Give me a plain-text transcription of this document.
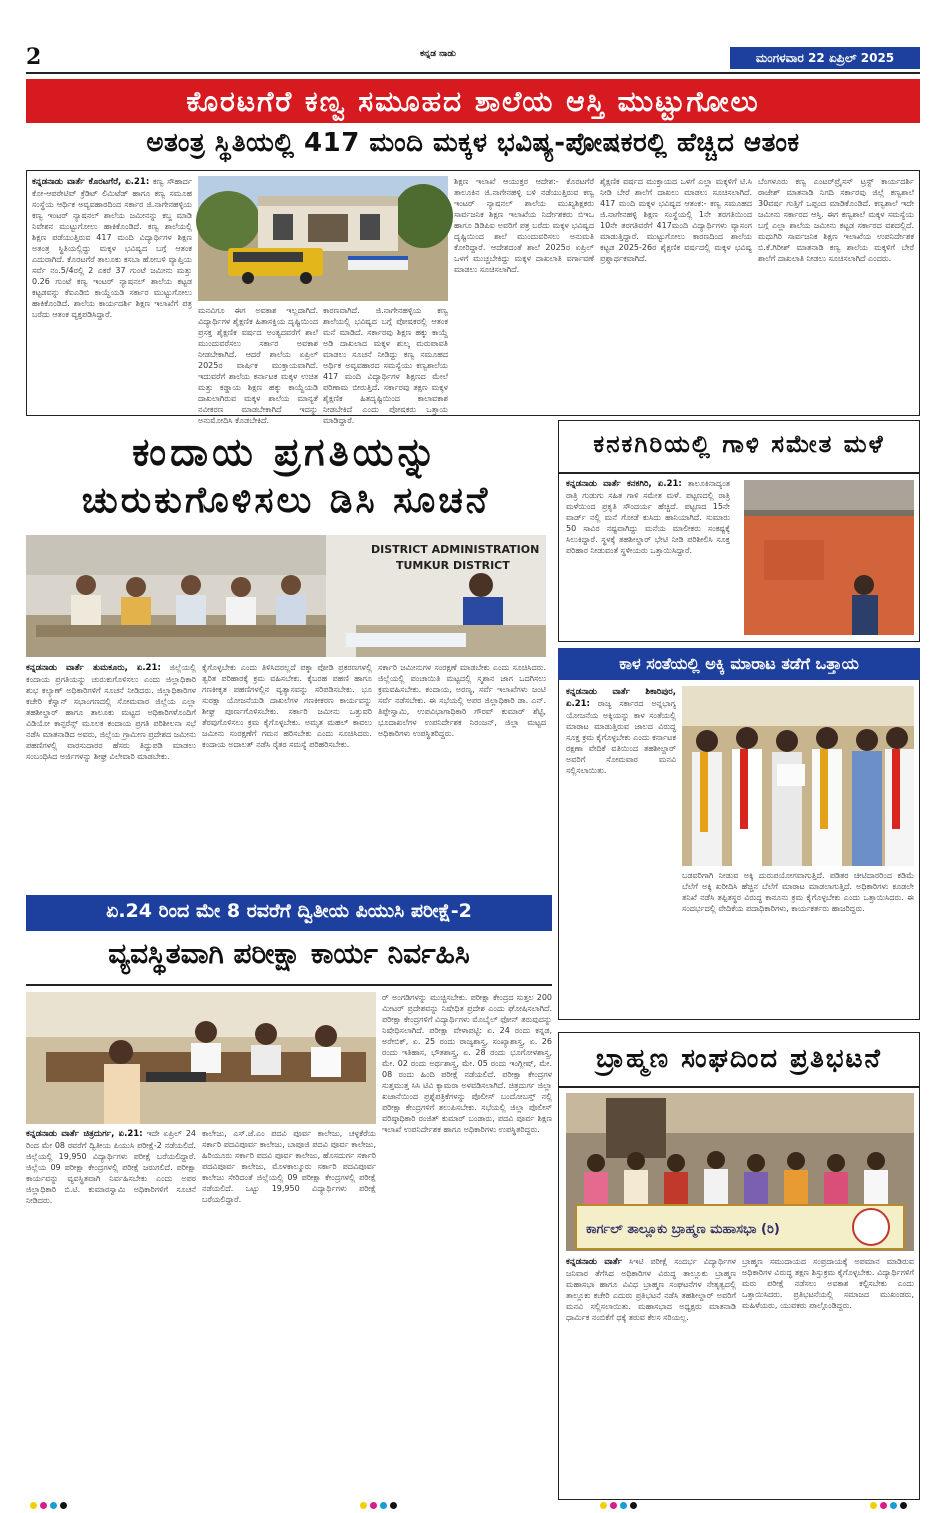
2	ಕನ್ನಡ ನಾಡು	ಮಂಗಳವಾರ 22 ಏಪ್ರಿಲ್ 2025
ಕೊರಟಗೆರೆ ಕಣ್ವ ಸಮೂಹದ ಶಾಲೆಯ ಆಸ್ತಿ ಮುಟ್ಟುಗೋಲು
ಅತಂತ್ರ ಸ್ಥಿತಿಯಲ್ಲಿ 417 ಮಂದಿ ಮಕ್ಕಳ ಭವಿಷ್ಯ-ಪೋಷಕರಲ್ಲಿ ಹೆಚ್ಚಿದ ಆತಂಕ
ಕನ್ನಡನಾಡು ವಾರ್ತೆ ಕೊರಟಗೆರೆ, ಏ.21: ಕಣ್ವ ಸೌಹಾರ್ದ ಕೋ-ಆಪರೇಟಿವ್ ಕ್ರೆಡಿಟ್ ಲಿಮಿಟೆಡ್ ಹಾಗೂ ಕಣ್ವ ಸಮೂಹ ಸಂಸ್ಥೆಯ ಆರ್ಥಿಕ ಅವ್ಯವಹಾರದಿಂದ ಸರ್ಕಾರ ಜಿ.ನಾಗೇನಹಳ್ಳಿಯ ಕಣ್ವ ಇಂಟರ್ ನ್ಯಾಷನಲ್ ಶಾಲೆಯ ಜಮೀನನ್ನು ಕಬ್ಜ ಮಾಡಿ ನಿವೇಶನ ಮುಟ್ಟುಗೋಲು ಹಾಕಿಕೊಂಡಿದೆ. ಕಣ್ವ ಶಾಲೆಯಲ್ಲಿ ಶಿಕ್ಷಣ ಪಡೆಯುತ್ತಿರುವ 417 ಮಂದಿ ವಿದ್ಯಾರ್ಥಿಗಳ ಶಿಕ್ಷಣ ಅತಂತ್ರ ಸ್ಥಿತಿಯಲ್ಲಿದ್ದು ಮಕ್ಕಳ ಭವಿಷ್ಯದ ಬಗ್ಗೆ ಆತಂಕ ಎದುರಾಗಿದೆ. ಕೊರಟಗೆರೆ ತಾಲೂಕು ಕಸಬಾ ಹೋಬಳಿ ವ್ಯಾಪ್ತಿಯ ಸರ್ವೆ ನಂ.5/4ರಲ್ಲಿ 2 ಎಕರೆ 37 ಗುಂಟೆ ಜಮೀನು ಮತ್ತು 0.26 ಗುಂಟೆ ಕಣ್ವ ಇಂಟರ್ ನ್ಯಾಷನಲ್ ಶಾಲೆಯ ಕಟ್ಟಡ ಕಟ್ಟಡವನ್ನು ಕೆಐಎಡಿಬಿ ಕಾಯ್ದೆಯಡಿ ಸರ್ಕಾರ ಮುಟ್ಟುಗೋಲು ಹಾಕಿಕೊಂಡಿದೆ. ಶಾಲೆಯ ಕಾರ್ಯದರ್ಶಿ ಶಿಕ್ಷಣ ಇಲಾಖೆಗೆ ಪತ್ರ ಬರೆದು ಆತಂಕ ವ್ಯಕ್ತಪಡಿಸಿದ್ದಾರೆ.	ಮನವಿಗೂ ಈಗ ಅವಕಾಶ ಇಲ್ಲದಾಗಿದೆ. ವಿದ್ಯಾರ್ಥಿಗಳ ಶೈಕ್ಷಣಿಕ ಹಿತಾಸಕ್ತಿಯ ದೃಷ್ಟಿಯಿಂದ ಪ್ರಸಕ್ತ ಶೈಕ್ಷಣಿಕ ವರ್ಷದ ಅಂತ್ಯದವರೆಗೆ ಶಾಲೆ ಮುಂದುವರೆಸಲು ಸರ್ಕಾರ ಅವಕಾಶ ನೀಡಬೇಕಾಗಿದೆ. ಆದರೆ ಶಾಲೆಯ ಏಪ್ರಿಲ್ 2025ರ ವಾರ್ಷಿಕ ಮುಕ್ತಾಯವಾಗಿದೆ. ಇದುವರೆಗೆ ಶಾಲೆಯ ಕರ್ನಾಟಕ ಮಕ್ಕಳ ಉಚಿತ ಮತ್ತು ಕಡ್ಡಾಯ ಶಿಕ್ಷಣ ಹಕ್ಕು ಕಾಯ್ದೆಯಡಿ ದಾಖಲಾಗಿರುವ ಮಕ್ಕಳ ಶಾಲೆಯ ಮಾನ್ಯತೆ ನವೀಕರಣ ಮಾಡಬೇಕಾಗಿದೆ ಇದನ್ನು ಅನುಮೋದಿಸಿ ಕೊಡಬೇಕಿದೆ.
ಕಾರಣವಾಗಿದೆ. ಜಿ.ನಾಗೇನಹಳ್ಳಿಯ ಕಣ್ವ ಶಾಲೆಯಲ್ಲಿ ಭವಿಷ್ಯದ ಬಗ್ಗೆ ಪೋಷಕರಲ್ಲಿ ಆತಂಕ ಮನೆ ಮಾಡಿದೆ. ಸರ್ಕಾರವು ಶಿಕ್ಷಣ ಹಕ್ಕು ಕಾಯ್ದೆ ಅಡಿ ದಾಖಲಾದ ಮಕ್ಕಳ ಶುಲ್ಕ ಮರುಪಾವತಿ ಮಾಡಲು ಸೂಚನೆ ನೀಡಿದ್ದು ಕಣ್ವ ಸಮೂಹದ ಅರ್ಥಿಕ ಅವ್ಯವಹಾರದ ಸಮಸ್ಯೆಯು ಕಣ್ವಶಾಲೆಯ 417 ಮಂದಿ ವಿದ್ಯಾರ್ಥಿಗಳ ಶಿಕ್ಷಣದ ಮೇಲೆ ಪರಿಣಾಮ ಬೀರುತ್ತಿದೆ. ಸರ್ಕಾರವು ತಕ್ಷಣ ಮಕ್ಕಳ ಶೈಕ್ಷಣಿಕ ಹಿತದೃಷ್ಟಿಯಿಂದ ಕಾಲಾವಕಾಶ ನೀಡಬೇಕಿದೆ ಎಂದು ಪೋಷಕರು ಒತ್ತಾಯ ಮಾಡಿದ್ದಾರೆ.
ಶಿಕ್ಷಣ ಇಲಾಖೆ ಆಯುಕ್ತರ ಆದೇಶ:- ಕೊರಟಗೆರೆ ತಾಲೂಕಿನ ಜಿ.ನಾಗೇನಹಳ್ಳಿ ಬಳಿ ನಡೆಯುತ್ತಿರುವ ಕಣ್ವ ಇಂಟರ್ ನ್ಯಾಷನಲ್ ಶಾಲೆಯ ಮುಖ್ಯಶಿಕ್ಷಕರು ಸಾರ್ವಜನಿಕ ಶಿಕ್ಷಣ ಇಲಾಖೆಯ ನಿರ್ದೇಶಕರು ಬಿಇಒ ಹಾಗೂ ಡಿಡಿಪಿಐ ಅವರಿಗೆ ಪತ್ರ ಬರೆದು ಮಕ್ಕಳ ಭವಿಷ್ಯದ ದೃಷ್ಟಿಯಿಂದ ಶಾಲೆ ಮುಂದುವರಿಸಲು ಅನುಮತಿ ಕೋರಿದ್ದಾರೆ. ಆದೇಶದಂತೆ ಶಾಲೆ 2025ರ ಏಪ್ರಿಲ್ ಒಳಗೆ ಮುಚ್ಚಬೇಕಿದ್ದು ಮಕ್ಕಳ ದಾಖಲಾತಿ ವರ್ಗಾವಣೆ ಮಾಡಲು ಸೂಚಿಸಲಾಗಿದೆ.
ಶೈಕ್ಷಣಿಕ ವರ್ಷದ ಮುಕ್ತಾಯದ ಒಳಗೆ ಎಲ್ಲಾ ಮಕ್ಕಳಿಗೆ ಟಿ.ಸಿ ನೀಡಿ ಬೇರೆ ಶಾಲೆಗೆ ದಾಖಲು ಮಾಡಲು ಸೂಚಿಸಲಾಗಿದೆ. 417 ಮಂದಿ ಮಕ್ಕಳ ಭವಿಷ್ಯದ ಆತಂಕ:- ಕಣ್ವ ಸಮೂಹದ ಜಿ.ನಾಗೇನಹಳ್ಳಿ ಶಿಕ್ಷಣ ಸಂಸ್ಥೆಯಲ್ಲಿ 1ನೇ ತರಗತಿಯಿಂದ 10ನೇ ತರಗತಿವರೆಗೆ 417ಮಂದಿ ವಿದ್ಯಾರ್ಥಿಗಳು ವ್ಯಾಸಂಗ ಮಾಡುತ್ತಿದ್ದಾರೆ. ಮುಟ್ಟುಗೋಲು ಕಾರಣದಿಂದ ಶಾಲೆಯ ಕಟ್ಟಡ 2025-26ರ ಶೈಕ್ಷಣಿಕ ವರ್ಷದಲ್ಲಿ ಮಕ್ಕಳ ಭವಿಷ್ಯ ಪ್ರಶ್ನಾರ್ಥಕವಾಗಿದೆ.
ಬೆಂಗಳೂರು ಕಣ್ವ ಎಂಟರ್‌ಪ್ರೈಸಸ್ ಟ್ರಸ್ಟ್ ಕಾರ್ಯದರ್ಶಿ ರಾಜೇಶ್ ಮಾತನಾಡಿ ನಿಗದಿ ಸರ್ಕಾರವು ಜಿಲ್ಲೆ ಕಣ್ವಶಾಲೆ 30ವರ್ಷ ಗುತ್ತಿಗೆ ಒಪ್ಪಂದ ಮಾಡಿಕೊಂಡಿದೆ. ಕಣ್ವಶಾಲೆ ಇದೇ ಜಮೀನು ಸರ್ಕಾರದ ಆಸ್ತಿ. ಈಗ ಕಣ್ವಶಾಲೆ ಮಕ್ಕಳ ಸಮಸ್ಯೆಯ ಬಗ್ಗೆ ಎಲ್ಲಾ ಶಾಲೆಯ ಜಮೀನು ಕಟ್ಟಡ ಸರ್ಕಾರದ ವಶದಲ್ಲಿದೆ. ಮಧುಗಿರಿ ಸಾರ್ವಜನಿಕ ಶಿಕ್ಷಣ ಇಲಾಖೆಯ ಉಪನಿರ್ದೇಶಕ ಬಿ.ಕೆ.ಗಿರೀಶ್ ಮಾತನಾಡಿ ಕಣ್ವ ಶಾಲೆಯ ಮಕ್ಕಳಿಗೆ ಬೇರೆ ಶಾಲೆಗೆ ದಾಖಲಾತಿ ನೀಡಲು ಸೂಚಿಸಲಾಗಿದೆ ಎಂದರು.
ಕಂದಾಯ ಪ್ರಗತಿಯನ್ನು
ಚುರುಕುಗೊಳಿಸಲು ಡಿಸಿ ಸೂಚನೆ
DISTRICT ADMINISTRATION
TUMKUR DISTRICT
ಕನ್ನಡನಾಡು ವಾರ್ತೆ ತುಮಕೂರು, ಏ.21: ಜಿಲ್ಲೆಯಲ್ಲಿ ಕಂದಾಯ ಪ್ರಗತಿಯನ್ನು ಚುರುಕುಗೊಳಿಸಲು ಎಂದು ಜಿಲ್ಲಾಧಿಕಾರಿ ಶುಭ ಕಲ್ಯಾಣ್ ಅಧಿಕಾರಿಗಳಿಗೆ ಸೂಚನೆ ನೀಡಿದರು. ಜಿಲ್ಲಾಧಿಕಾರಿಗಳ ಕಚೇರಿ ಕೆಸ್ವಾನ್ ಸಭಾಂಗಣದಲ್ಲಿ ಸೋಮವಾರ ಜಿಲ್ಲೆಯ ಎಲ್ಲಾ ತಹಶೀಲ್ದಾರ್ ಹಾಗೂ ತಾಲೂಕು ಮಟ್ಟದ ಅಧಿಕಾರಿಗಳೊಂದಿಗೆ ವಿಡಿಯೋ ಕಾನ್ಫರೆನ್ಸ್ ಮೂಲಕ ಕಂದಾಯ ಪ್ರಗತಿ ಪರಿಶೀಲನಾ ಸಭೆ ನಡೆಸಿ ಮಾತನಾಡಿದ ಅವರು, ಜಿಲ್ಲೆಯ ಗ್ರಾಮೀಣ ಪ್ರದೇಶದ ಜಮೀನು ಪಹಣಿಗಳಲ್ಲಿ ವಾರಸುದಾರರ ಹೆಸರು ತಿದ್ದುಪಡಿ ಮಾಡಲು ಸಂಬಂಧಿಸಿದ ಅರ್ಜಿಗಳನ್ನು ಶೀಘ್ರ ವಿಲೇವಾರಿ ಮಾಡಬೇಕು.
ಕೈಗೊಳ್ಳಬೇಕು ಎಂದು ತಿಳಿಸಿದರಲ್ಲದೆ ಪಕ್ಕಾ ಪೋಡಿ ಪ್ರಕರಣಗಳಲ್ಲಿ ತ್ವರಿತ ಪರಿಹಾರಕ್ಕೆ ಕ್ರಮ ವಹಿಸಬೇಕು. ಕೈಬರಹ ಪಹಣಿ ಹಾಗೂ ಗಣಕೀಕೃತ ಪಹಣಿಗಳಲ್ಲಿನ ವ್ಯತ್ಯಾಸವನ್ನು ಸರಿಪಡಿಸಬೇಕು. ಭೂ ಸುರಕ್ಷಾ ಯೋಜನೆಯಡಿ ದಾಖಲೆಗಳ ಗಣಕೀಕರಣ ಕಾರ್ಯವನ್ನು ಶೀಘ್ರ ಪೂರ್ಣಗೊಳಿಸಬೇಕು. ಸರ್ಕಾರಿ ಜಮೀನು ಒತ್ತುವರಿ ತೆರವುಗೊಳಿಸಲು ಕ್ರಮ ಕೈಗೊಳ್ಳಬೇಕು. ಅಮೃತ ಮಹಲ್ ಕಾವಲು ಜಮೀನು ಸಂರಕ್ಷಣೆಗೆ ಗಮನ ಹರಿಸಬೇಕು ಎಂದು ಸೂಚಿಸಿದರು. ಕಂದಾಯ ಅದಾಲತ್ ನಡೆಸಿ ರೈತರ ಸಮಸ್ಯೆ ಪರಿಹರಿಸಬೇಕು.
ಸರ್ಕಾರಿ ಜಮೀನುಗಳ ಸಂರಕ್ಷಣೆ ಮಾಡಬೇಕು ಎಂದು ಸೂಚಿಸಿದರು. ಜಿಲ್ಲೆಯಲ್ಲಿ ಪಂಚಾಯಿತಿ ಮಟ್ಟದಲ್ಲಿ ಸ್ಮಶಾನ ಜಾಗ ಒದಗಿಸಲು ಕ್ರಮವಹಿಸಬೇಕು. ಕಂದಾಯ, ಅರಣ್ಯ, ಸರ್ವೆ ಇಲಾಖೆಗಳು ಜಂಟಿ ಸರ್ವೆ ನಡೆಸಬೇಕು. ಈ ಸಭೆಯಲ್ಲಿ ಅಪರ ಜಿಲ್ಲಾಧಿಕಾರಿ ಡಾ. ಎನ್. ತಿಪ್ಪೇಸ್ವಾಮಿ, ಉಪವಿಭಾಗಾಧಿಕಾರಿ ಗೌರವ್ ಕುಮಾರ್ ಶೆಟ್ಟಿ, ಭೂದಾಖಲೆಗಳ ಉಪನಿರ್ದೇಶಕ ನಿರಂಜನ್, ಜಿಲ್ಲಾ ಮಟ್ಟದ ಅಧಿಕಾರಿಗಳು ಉಪಸ್ಥಿತರಿದ್ದರು.
ಕನಕಗಿರಿಯಲ್ಲಿ ಗಾಳಿ ಸಮೇತ ಮಳೆ
ಕನ್ನಡನಾಡು ವಾರ್ತೆ ಕನಕಗಿರಿ, ಏ.21: ತಾಲೂಕಿನಾದ್ಯಂತ ರಾತ್ರಿ ಗುಡುಗು ಸಹಿತ ಗಾಳಿ ಸಮೇತ ಮಳೆ. ಪಟ್ಟಣದಲ್ಲಿ ರಾತ್ರಿ ಮಳೆಯಿಂದ ಪ್ರಕೃತಿ ಸೌಂದರ್ಯ ಹೆಚ್ಚಿದೆ. ಪಟ್ಟಣದ 15ನೇ ವಾರ್ಡ್ ನಲ್ಲಿ ಮನೆ ಗೋಡೆ ಕುಸಿದು ಹಾನಿಯಾಗಿದೆ. ಸುಮಾರು 50 ಸಾವಿರ ನಷ್ಟವಾಗಿದ್ದು ಮನೆಯ ಮಾಲೀಕರು ಸಂಕಷ್ಟಕ್ಕೆ ಸಿಲುಕಿದ್ದಾರೆ. ಸ್ಥಳಕ್ಕೆ ತಹಶೀಲ್ದಾರ್ ಭೇಟಿ ನೀಡಿ ಪರಿಶೀಲಿಸಿ ಸೂಕ್ತ ಪರಿಹಾರ ನೀಡುವಂತೆ ಸ್ಥಳೀಯರು ಒತ್ತಾಯಿಸಿದ್ದಾರೆ.
ಕಾಳ ಸಂತೆಯಲ್ಲಿ ಅಕ್ಕಿ ಮಾರಾಟ ತಡೆಗೆ ಒತ್ತಾಯ
ಕನ್ನಡನಾಡು ವಾರ್ತೆ ಶಿಕಾರಿಪುರ, ಏ.21: ರಾಜ್ಯ ಸರ್ಕಾರದ ಅನ್ನಭಾಗ್ಯ ಯೋಜನೆಯ ಅಕ್ಕಿಯನ್ನು ಕಾಳ ಸಂತೆಯಲ್ಲಿ ಮಾರಾಟ ಮಾಡುತ್ತಿರುವ ಜಾಲದ ವಿರುದ್ಧ ಸೂಕ್ತ ಕ್ರಮ ಕೈಗೊಳ್ಳಬೇಕು ಎಂದು ಕರ್ನಾಟಕ ರಕ್ಷಣಾ ವೇದಿಕೆ ವತಿಯಿಂದ ತಹಶೀಲ್ದಾರ್ ಅವರಿಗೆ ಸೋಮವಾರ ಮನವಿ ಸಲ್ಲಿಸಲಾಯಿತು.
ಬಡವರಿಗಾಗಿ ನೀಡುವ ಅಕ್ಕಿ ದುರುಪಯೋಗವಾಗುತ್ತಿದೆ. ಪಡಿತರ ಚೀಟಿದಾರರಿಂದ ಕಡಿಮೆ ಬೆಲೆಗೆ ಅಕ್ಕಿ ಖರೀದಿಸಿ ಹೆಚ್ಚಿನ ಬೆಲೆಗೆ ಮಾರಾಟ ಮಾಡಲಾಗುತ್ತಿದೆ. ಅಧಿಕಾರಿಗಳು ಕೂಡಲೇ ತನಿಖೆ ನಡೆಸಿ ತಪ್ಪಿತಸ್ಥರ ವಿರುದ್ಧ ಕಾನೂನು ಕ್ರಮ ಕೈಗೊಳ್ಳಬೇಕು ಎಂದು ಒತ್ತಾಯಿಸಿದರು. ಈ ಸಂದರ್ಭದಲ್ಲಿ ವೇದಿಕೆಯ ಪದಾಧಿಕಾರಿಗಳು, ಕಾರ್ಯಕರ್ತರು ಹಾಜರಿದ್ದರು.
ಏ.24 ರಿಂದ ಮೇ 8 ರವರೆಗೆ ದ್ವಿತೀಯ ಪಿಯುಸಿ ಪರೀಕ್ಷೆ-2
ವ್ಯವಸ್ಥಿತವಾಗಿ ಪರೀಕ್ಷಾ ಕಾರ್ಯ ನಿರ್ವಹಿಸಿ
ರ್ ಅಂಗಡಿಗಳನ್ನು ಮುಚ್ಚಿಸಬೇಕು. ಪರೀಕ್ಷಾ ಕೇಂದ್ರದ ಸುತ್ತಲ 200 ಮೀಟರ್ ಪ್ರದೇಶವನ್ನು ನಿಷೇಧಿತ ಪ್ರದೇಶ ಎಂದು ಘೋಷಿಸಲಾಗಿದೆ. ಪರೀಕ್ಷಾ ಕೇಂದ್ರಗಳಿಗೆ ವಿದ್ಯಾರ್ಥಿಗಳು ಮೊಬೈಲ್ ಫೋನ್ ತರುವುದನ್ನು ನಿಷೇಧಿಸಲಾಗಿದೆ. ಪರೀಕ್ಷಾ ವೇಳಾಪಟ್ಟಿ: ಏ. 24 ರಂದು ಕನ್ನಡ, ಅರೇಬಿಕ್, ಏ. 25 ರಂದು ರಾಜ್ಯಶಾಸ್ತ್ರ, ಸಂಖ್ಯಾಶಾಸ್ತ್ರ, ಏ. 26 ರಂದು ಇತಿಹಾಸ, ಭೌತಶಾಸ್ತ್ರ, ಏ. 28 ರಂದು ಭೂಗೋಳಶಾಸ್ತ್ರ, ಮೇ. 02 ರಂದು ಅರ್ಥಶಾಸ್ತ್ರ, ಮೇ. 05 ರಂದು ಇಂಗ್ಲೀಷ್, ಮೇ. 08 ರಂದು ಹಿಂದಿ ಪರೀಕ್ಷೆ ನಡೆಯಲಿದೆ. ಪರೀಕ್ಷಾ ಕೇಂದ್ರಗಳ ಸುತ್ತಮುತ್ತ ಸಿಸಿ ಟಿವಿ ಕ್ಯಾಮರಾ ಅಳವಡಿಸಲಾಗಿದೆ. ಚಿತ್ರದುರ್ಗ ಜಿಲ್ಲಾ ಖಜಾನೆಯಿಂದ ಪ್ರಶ್ನೆಪತ್ರಿಕೆಗಳನ್ನು ಪೊಲೀಸ್ ಬಂದೋಬಸ್ತ್ ನಲ್ಲಿ ಪರೀಕ್ಷಾ ಕೇಂದ್ರಗಳಿಗೆ ತಲುಪಿಸಬೇಕು. ಸಭೆಯಲ್ಲಿ ಜಿಲ್ಲಾ ಪೊಲೀಸ್ ವರಿಷ್ಠಾಧಿಕಾರಿ ರಂಜಿತ್ ಕುಮಾರ್ ಬಂಡಾರು, ಪದವಿ ಪೂರ್ವ ಶಿಕ್ಷಣ ಇಲಾಖೆ ಉಪನಿರ್ದೇಶಕ ಹಾಗೂ ಅಧಿಕಾರಿಗಳು ಉಪಸ್ಥಿತರಿದ್ದರು.
ಕನ್ನಡನಾಡು ವಾರ್ತೆ ಚಿತ್ರದುರ್ಗ, ಏ.21: ಇದೇ ಏಪ್ರಿಲ್ 24 ರಿಂದ ಮೇ 08 ರವರೆಗೆ ದ್ವಿತೀಯ ಪಿಯುಸಿ ಪರೀಕ್ಷೆ-2 ನಡೆಯಲಿದೆ. ಜಿಲ್ಲೆಯಲ್ಲಿ 19,950 ವಿದ್ಯಾರ್ಥಿಗಳು ಪರೀಕ್ಷೆ ಬರೆಯಲಿದ್ದಾರೆ. ಜಿಲ್ಲೆಯ 09 ಪರೀಕ್ಷಾ ಕೇಂದ್ರಗಳಲ್ಲಿ ಪರೀಕ್ಷೆ ಜರುಗಲಿದೆ. ಪರೀಕ್ಷಾ ಕಾರ್ಯವನ್ನು ವ್ಯವಸ್ಥಿತವಾಗಿ ನಿರ್ವಹಿಸಬೇಕು ಎಂದು ಅಪರ ಜಿಲ್ಲಾಧಿಕಾರಿ ಬಿ.ಟಿ. ಕುಮಾರಸ್ವಾಮಿ ಅಧಿಕಾರಿಗಳಿಗೆ ಸೂಚನೆ ನೀಡಿದರು.
ಕಾಲೇಜು, ಎಸ್.ಜೆ.ಎಂ ಪದವಿ ಪೂರ್ವ ಕಾಲೇಜು, ಚಳ್ಳಕೆರೆಯ ಸರ್ಕಾರಿ ಪದವಿಪೂರ್ವ ಕಾಲೇಜು, ಬಾಪೂಜಿ ಪದವಿ ಪೂರ್ವ ಕಾಲೇಜು, ಹಿರಿಯೂರು ಸರ್ಕಾರಿ ಪದವಿ ಪೂರ್ವ ಕಾಲೇಜು, ಹೊಸದುರ್ಗ ಸರ್ಕಾರಿ ಪದವಿಪೂರ್ವ ಕಾಲೇಜು, ಮೊಳಕಾಲ್ಮೂರು ಸರ್ಕಾರಿ ಪದವಿಪೂರ್ವ ಕಾಲೇಜು ಸೇರಿದಂತೆ ಜಿಲ್ಲೆಯಲ್ಲಿ 09 ಪರೀಕ್ಷಾ ಕೇಂದ್ರಗಳಲ್ಲಿ ಪರೀಕ್ಷೆ ನಡೆಯಲಿದೆ. ಒಟ್ಟು 19,950 ವಿದ್ಯಾರ್ಥಿಗಳು ಪರೀಕ್ಷೆ ಬರೆಯಲಿದ್ದಾರೆ.
ಬ್ರಾಹ್ಮಣ ಸಂಘದಿಂದ ಪ್ರತಿಭಟನೆ
ಕಾರ್ಗಲ್ ತಾಲ್ಲೂಕು ಬ್ರಾಹ್ಮಣ ಮಹಾಸಭಾ (ರಿ)
ಕನ್ನಡನಾಡು ವಾರ್ತೆ ಸಿಇಟಿ ಪರೀಕ್ಷೆ ಸಂದರ್ಭ ವಿದ್ಯಾರ್ಥಿಗಳ ಜನಿವಾರ ತೆಗೆಸಿದ ಅಧಿಕಾರಿಗಳ ವಿರುದ್ಧ ತಾಲ್ಲೂಕು ಬ್ರಾಹ್ಮಣ ಮಹಾಸಭಾ ಹಾಗೂ ವಿವಿಧ ಬ್ರಾಹ್ಮಣ ಸಂಘಟನೆಗಳ ನೇತೃತ್ವದಲ್ಲಿ ತಾಲ್ಲೂಕು ಕಚೇರಿ ಎದುರು ಪ್ರತಿಭಟನೆ ನಡೆಸಿ ತಹಶೀಲ್ದಾರ್ ಅವರಿಗೆ ಮನವಿ ಸಲ್ಲಿಸಲಾಯಿತು. ಮಹಾಸಭಾದ ಅಧ್ಯಕ್ಷರು ಮಾತನಾಡಿ ಧಾರ್ಮಿಕ ನಂಬಿಕೆಗೆ ಧಕ್ಕೆ ತರುವ ಕೆಲಸ ಸರಿಯಲ್ಲ.
ಬ್ರಾಹ್ಮಣ ಸಮುದಾಯದ ಸಂಪ್ರದಾಯಕ್ಕೆ ಅಪಮಾನ ಮಾಡಿರುವ ಅಧಿಕಾರಿಗಳ ವಿರುದ್ಧ ತಕ್ಷಣ ಶಿಸ್ತುಕ್ರಮ ಕೈಗೊಳ್ಳಬೇಕು. ವಿದ್ಯಾರ್ಥಿಗಳಿಗೆ ಮರು ಪರೀಕ್ಷೆ ನಡೆಸಲು ಅವಕಾಶ ಕಲ್ಪಿಸಬೇಕು ಎಂದು ಒತ್ತಾಯಿಸಿದರು. ಪ್ರತಿಭಟನೆಯಲ್ಲಿ ಸಮಾಜದ ಮುಖಂಡರು, ಮಹಿಳೆಯರು, ಯುವಕರು ಪಾಲ್ಗೊಂಡಿದ್ದರು.
